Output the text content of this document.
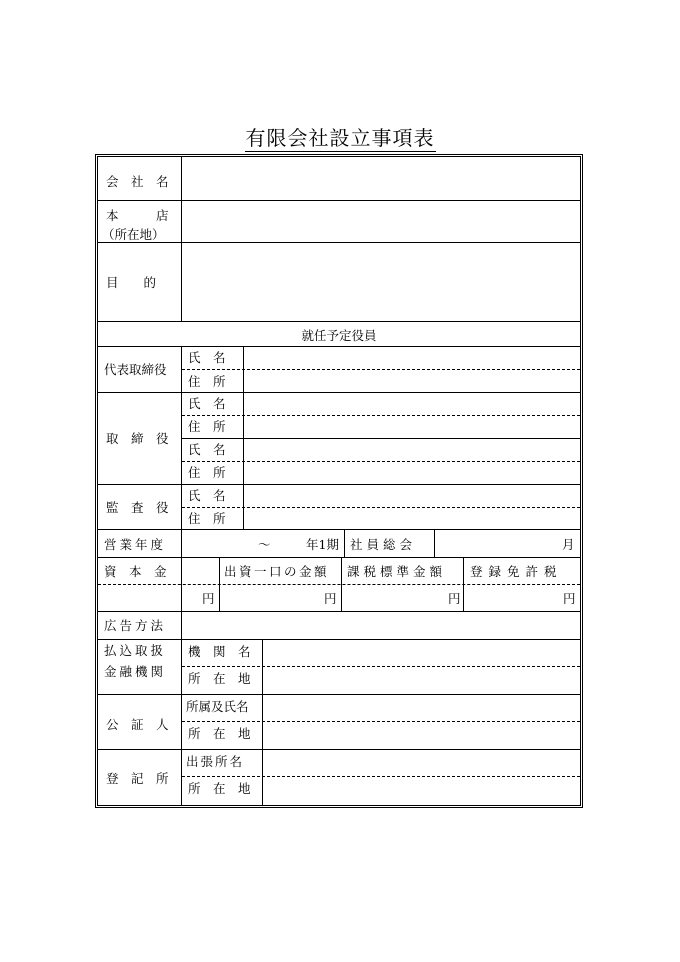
有限会社設立事項表
会　社　名
本　　　店
（所在地）
目　　的
就任予定役員
代表取締役
氏　名
住　所
取　締　役
氏　名
住　所
氏　名
住　所
監　査　役
氏　名
住　所
営業年度	〜	年1期 社員総会	月
資　本　金	出資一口の金額	課税標準金額	登録免許税
円	円	円	円
広告方法
払込取扱
金融機関
機　関　名
所　在　地
公　証　人
所属及氏名
所　在　地
登　記　所
出張所名
所　在　地
